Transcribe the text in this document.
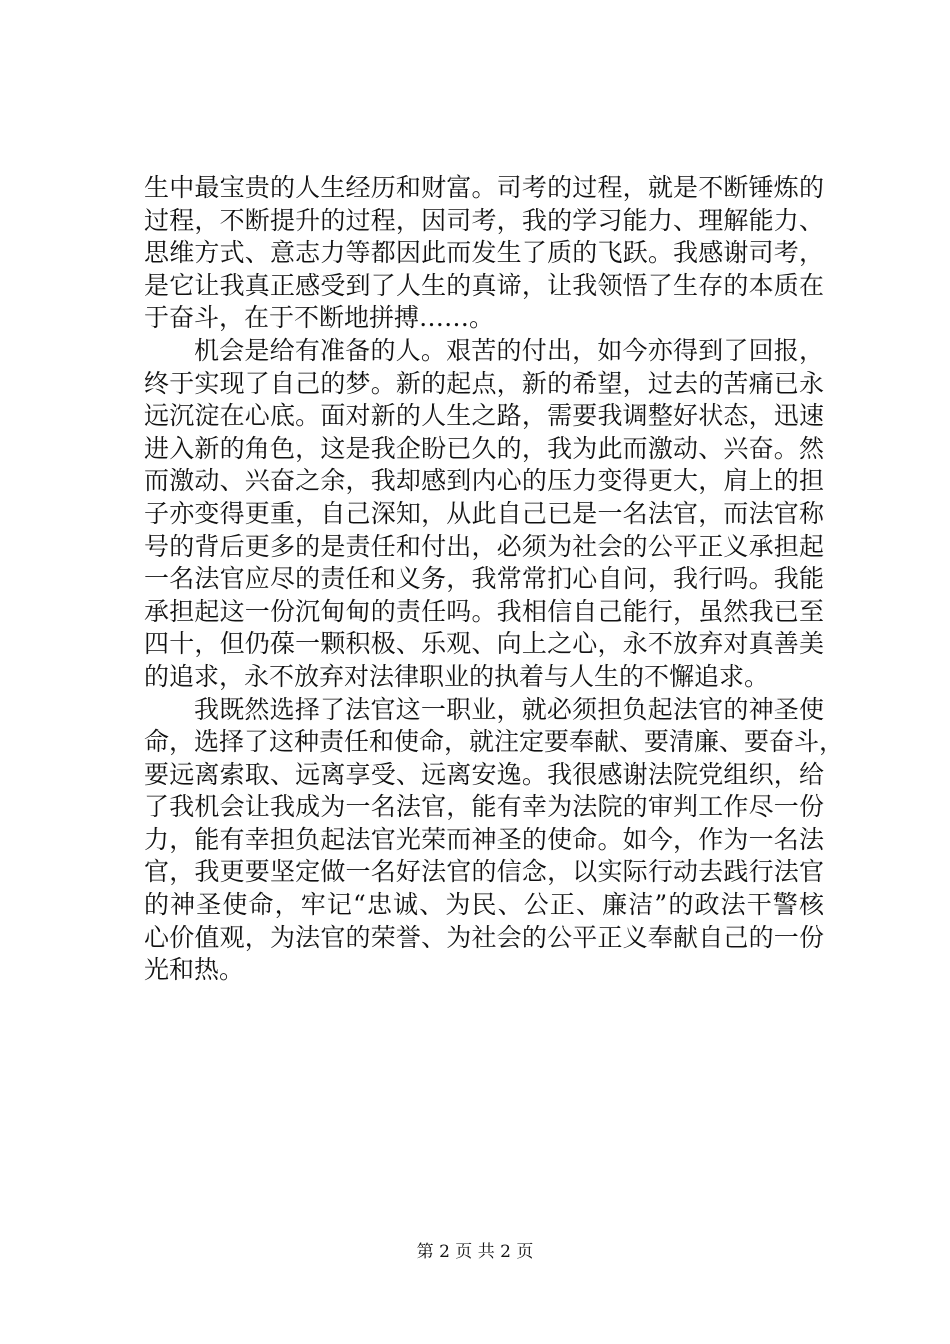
生中最宝贵的人生经历和财富。司考的过程，就是不断锤炼的
过程，不断提升的过程，因司考，我的学习能力、理解能力、
思维方式、意志力等都因此而发生了质的飞跃。我感谢司考，
是它让我真正感受到了人生的真谛，让我领悟了生存的本质在
于奋斗，在于不断地拼搏……。
机会是给有准备的人。艰苦的付出，如今亦得到了回报，
终于实现了自己的梦。新的起点，新的希望，过去的苦痛已永
远沉淀在心底。面对新的人生之路，需要我调整好状态，迅速
进入新的角色，这是我企盼已久的，我为此而激动、兴奋。然
而激动、兴奋之余，我却感到内心的压力变得更大，肩上的担
子亦变得更重，自己深知，从此自己已是一名法官，而法官称
号的背后更多的是责任和付出，必须为社会的公平正义承担起
一名法官应尽的责任和义务，我常常扪心自问，我行吗。我能
承担起这一份沉甸甸的责任吗。我相信自己能行，虽然我已至
四十，但仍葆一颗积极、乐观、向上之心，永不放弃对真善美
的追求，永不放弃对法律职业的执着与人生的不懈追求。
我既然选择了法官这一职业，就必须担负起法官的神圣使
命，选择了这种责任和使命，就注定要奉献、要清廉、要奋斗，
要远离索取、远离享受、远离安逸。我很感谢法院党组织，给
了我机会让我成为一名法官，能有幸为法院的审判工作尽一份
力，能有幸担负起法官光荣而神圣的使命。如今，作为一名法
官，我更要坚定做一名好法官的信念，以实际行动去践行法官
的神圣使命，牢记“忠诚、为民、公正、廉洁”的政法干警核
心价值观，为法官的荣誉、为社会的公平正义奉献自己的一份
光和热。
第 2 页 共 2 页
